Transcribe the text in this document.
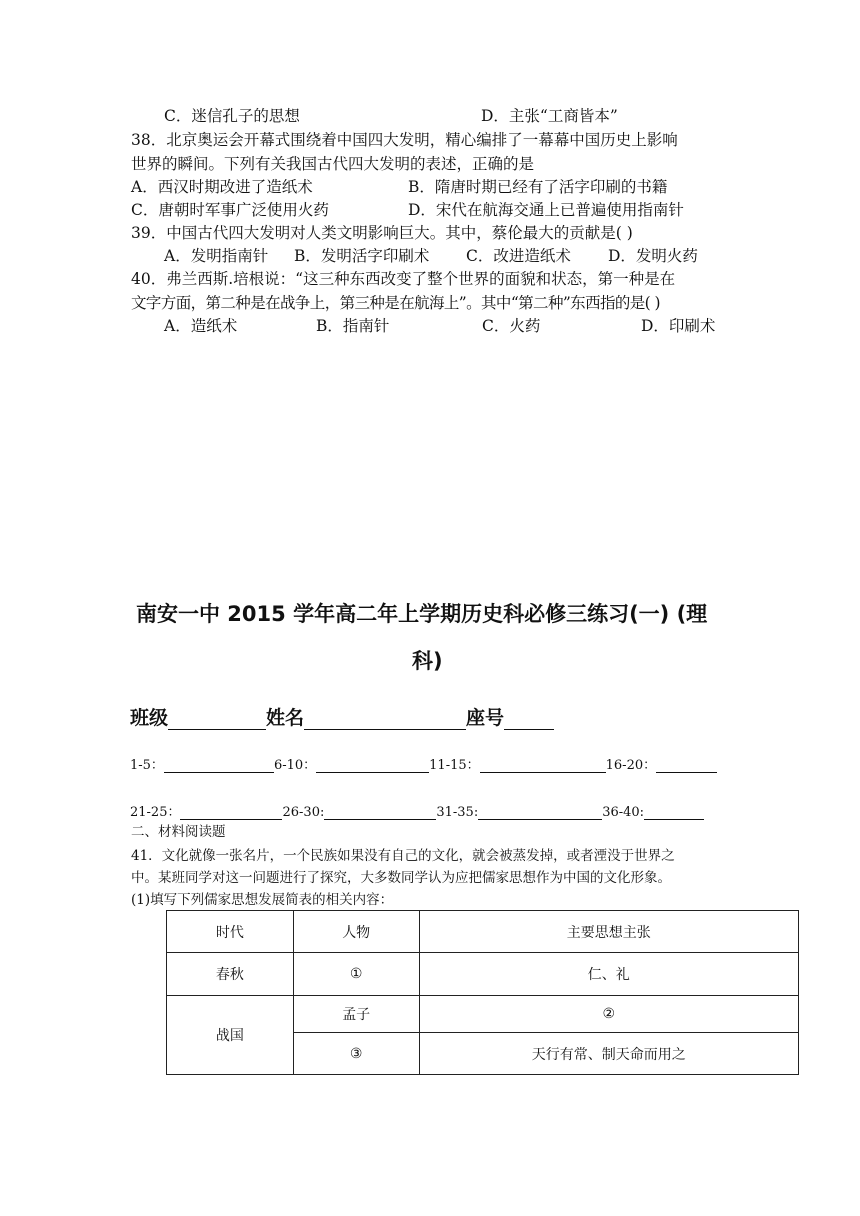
C．迷信孔子的思想	D．主张“工商皆本”
38．北京奥运会开幕式围绕着中国四大发明，精心编排了一幕幕中国历史上影响
世界的瞬间。下列有关我国古代四大发明的表述，正确的是
A．西汉时期改进了造纸术	B．隋唐时期已经有了活字印刷的书籍
C．唐朝时军事广泛使用火药	D．宋代在航海交通上已普遍使用指南针
39．中国古代四大发明对人类文明影响巨大。其中，蔡伦最大的贡献是( )
A．发明指南针 B．发明活字印刷术 C．改进造纸术 D．发明火药
40．弗兰西斯.培根说：“这三种东西改变了整个世界的面貌和状态，第一种是在
文字方面，第二种是在战争上，第三种是在航海上”。其中“第二种”东西指的是( )
A．造纸术	B．指南针	C．火药	D．印刷术
南安一中 2015 学年高二年上学期历史科必修三练习(一) (理
科)
班级	姓名	座号
1-5：	6-10：	11-15：	16-20：
21-25：	26-30:	31-35:	36-40:
二、材料阅读题
41．文化就像一张名片，一个民族如果没有自己的文化，就会被蒸发掉，或者湮没于世界之
中。某班同学对这一问题进行了探究，大多数同学认为应把儒家思想作为中国的文化形象。
(1)填写下列儒家思想发展简表的相关内容：
时代	人物	主要思想主张
春秋	①	仁、礼
战国	孟子	②
	③	天行有常、制天命而用之
